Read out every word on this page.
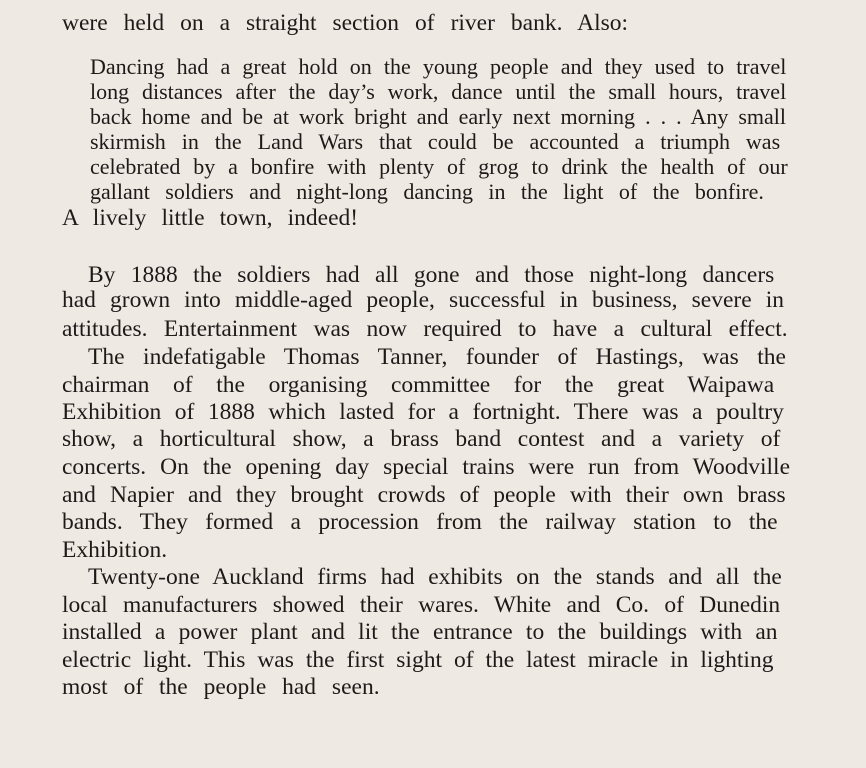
were held on a straight section of river bank. Also:
Dancing had a great hold on the young people and they used to travel
long distances after the day’s work, dance until the small hours, travel
back home and be at work bright and early next morning . . . Any small
skirmish in the Land Wars that could be accounted a triumph was
celebrated by a bonfire with plenty of grog to drink the health of our
gallant soldiers and night-long dancing in the light of the bonfire.
A lively little town, indeed!
By 1888 the soldiers had all gone and those night-long dancers
had grown into middle-aged people, successful in business, severe in
attitudes. Entertainment was now required to have a cultural effect.
The indefatigable Thomas Tanner, founder of Hastings, was the
chairman of the organising committee for the great Waipawa
Exhibition of 1888 which lasted for a fortnight. There was a poultry
show, a horticultural show, a brass band contest and a variety of
concerts. On the opening day special trains were run from Woodville
and Napier and they brought crowds of people with their own brass
bands. They formed a procession from the railway station to the
Exhibition.
Twenty-one Auckland firms had exhibits on the stands and all the
local manufacturers showed their wares. White and Co. of Dunedin
installed a power plant and lit the entrance to the buildings with an
electric light. This was the first sight of the latest miracle in lighting
most of the people had seen.
